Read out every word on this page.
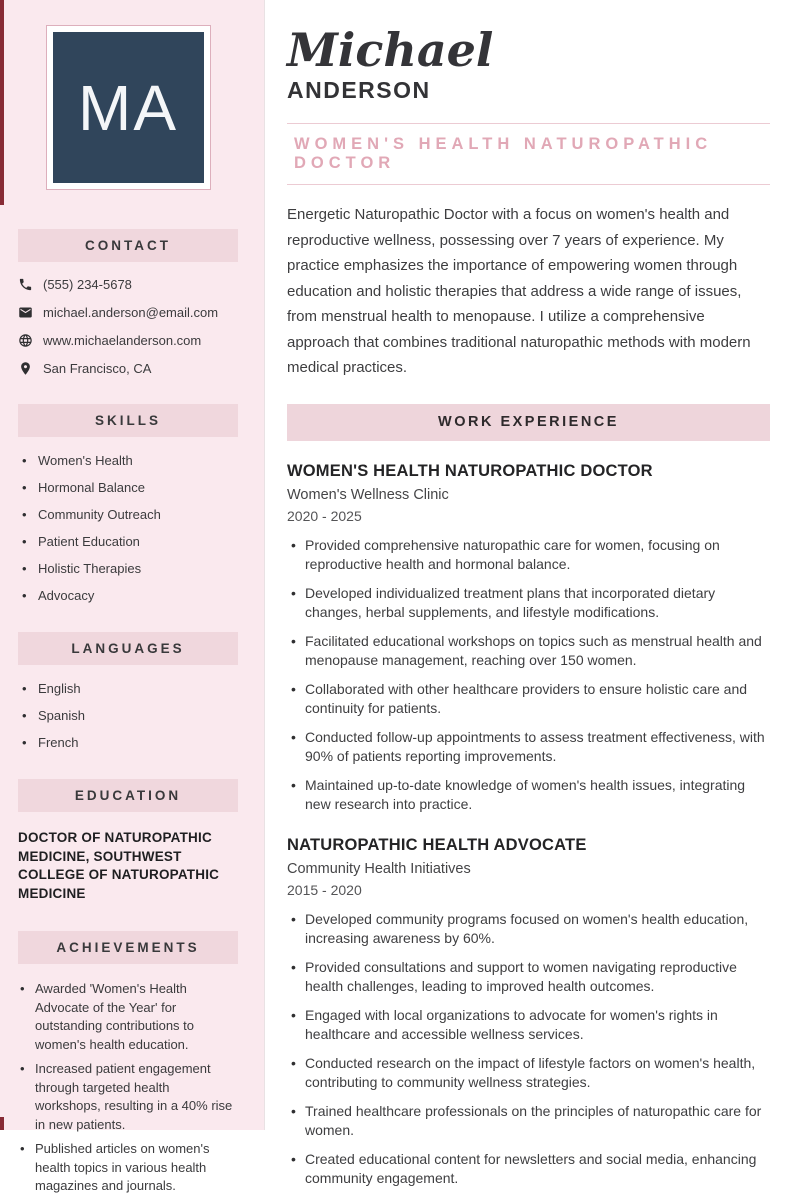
MA
CONTACT
(555) 234-5678
michael.anderson@email.com
www.michaelanderson.com
San Francisco, CA
SKILLS
• Women's Health
• Hormonal Balance
• Community Outreach
• Patient Education
• Holistic Therapies
• Advocacy
LANGUAGES
• English
• Spanish
• French
EDUCATION
DOCTOR OF NATUROPATHIC MEDICINE, SOUTHWEST COLLEGE OF NATUROPATHIC MEDICINE
ACHIEVEMENTS
• Awarded 'Women's Health Advocate of the Year' for outstanding contributions to women's health education.
• Increased patient engagement through targeted health workshops, resulting in a 40% rise in new patients.
• Published articles on women's health topics in various health magazines and journals.
Michael
ANDERSON
WOMEN'S HEALTH NATUROPATHIC DOCTOR
Energetic Naturopathic Doctor with a focus on women's health and reproductive wellness, possessing over 7 years of experience. My practice emphasizes the importance of empowering women through education and holistic therapies that address a wide range of issues, from menstrual health to menopause. I utilize a comprehensive approach that combines traditional naturopathic methods with modern medical practices.
WORK EXPERIENCE
WOMEN'S HEALTH NATUROPATHIC DOCTOR
Women's Wellness Clinic
2020 - 2025
• Provided comprehensive naturopathic care for women, focusing on reproductive health and hormonal balance.
• Developed individualized treatment plans that incorporated dietary changes, herbal supplements, and lifestyle modifications.
• Facilitated educational workshops on topics such as menstrual health and menopause management, reaching over 150 women.
• Collaborated with other healthcare providers to ensure holistic care and continuity for patients.
• Conducted follow-up appointments to assess treatment effectiveness, with 90% of patients reporting improvements.
• Maintained up-to-date knowledge of women's health issues, integrating new research into practice.
NATUROPATHIC HEALTH ADVOCATE
Community Health Initiatives
2015 - 2020
• Developed community programs focused on women's health education, increasing awareness by 60%.
• Provided consultations and support to women navigating reproductive health challenges, leading to improved health outcomes.
• Engaged with local organizations to advocate for women's rights in healthcare and accessible wellness services.
• Conducted research on the impact of lifestyle factors on women's health, contributing to community wellness strategies.
• Trained healthcare professionals on the principles of naturopathic care for women.
• Created educational content for newsletters and social media, enhancing community engagement.
